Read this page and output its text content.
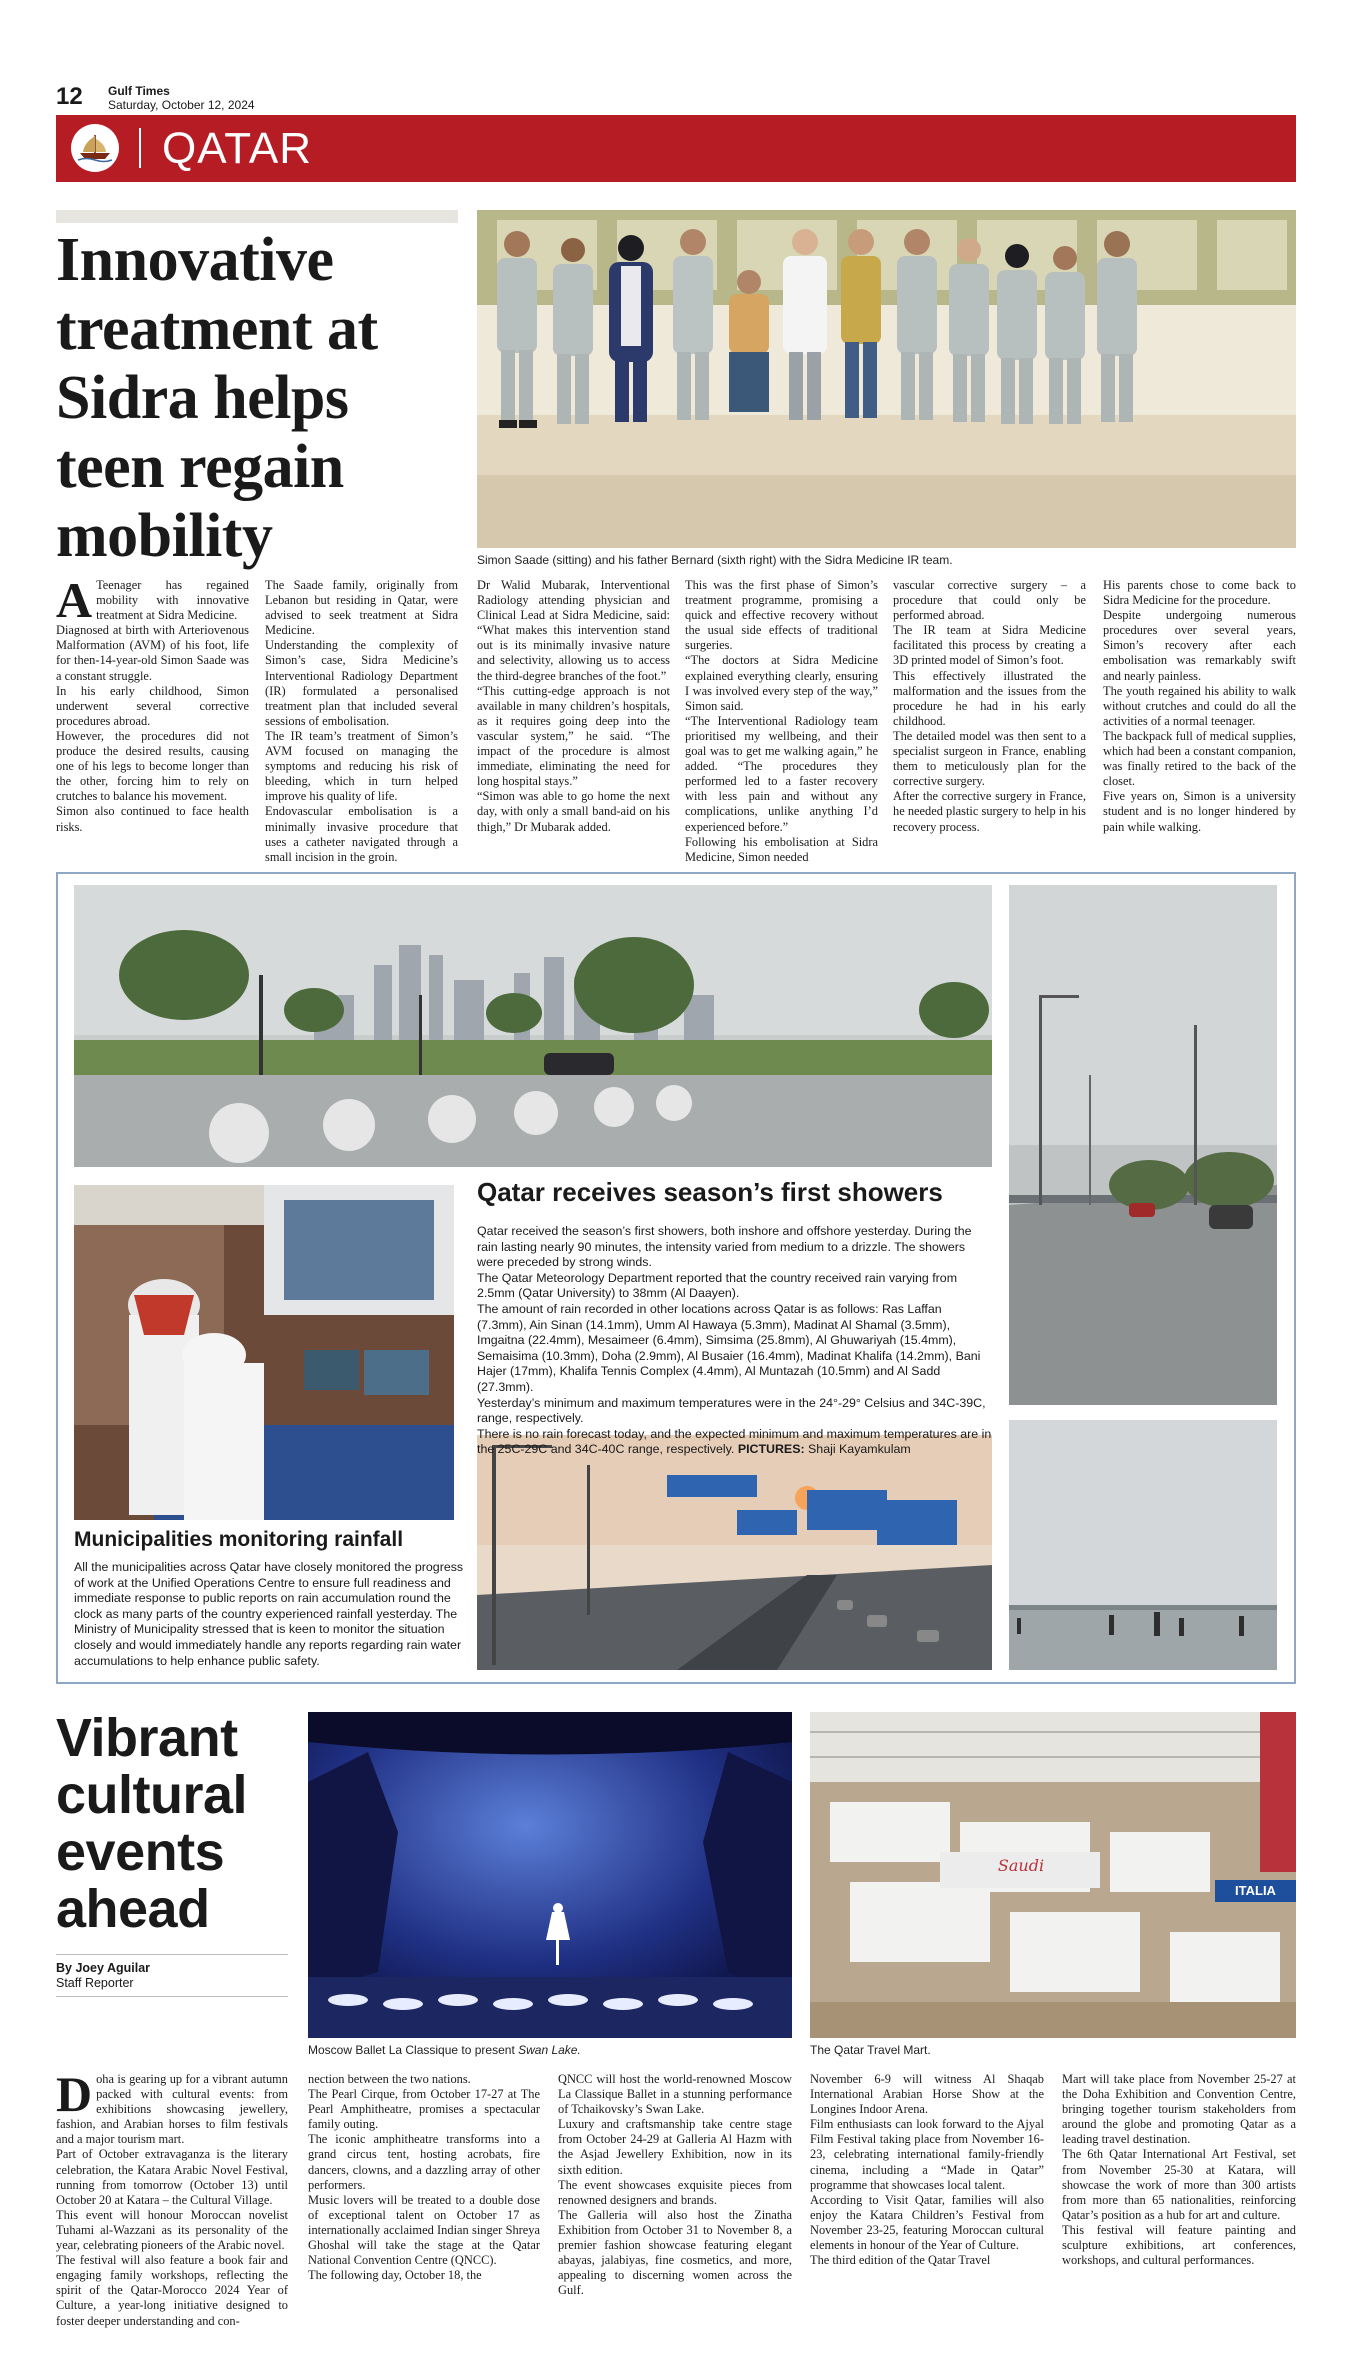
12 Gulf Times
Saturday, October 12, 2024
QATAR
Innovative treatment at Sidra helps teen regain mobility	Simon Saade (sitting) and his father Bernard (sixth right) with the Sidra Medicine IR team.

A Teenager has regained mobility with innovative treatment at Sidra Medicine.

Diagnosed at birth with Arteriovenous Malformation (AVM) of his foot, life for then-14-year-old Simon Saade was a constant struggle.

In his early childhood, Simon underwent several corrective procedures abroad.

However, the procedures did not produce the desired results, causing one of his legs to become longer than the other, forcing him to rely on crutches to balance his movement.

Simon also continued to face health risks.

The Saade family, originally from Lebanon but residing in Qatar, were advised to seek treatment at Sidra Medicine.

Understanding the complexity of Simon’s case, Sidra Medicine’s Interventional Radiology Department (IR) formulated a personalised treatment plan that included several sessions of embolisation.

The IR team’s treatment of Simon’s AVM focused on managing the symptoms and reducing his risk of bleeding, which in turn helped improve his quality of life.

Endovascular embolisation is a minimally invasive procedure that uses a catheter navigated through a small incision in the groin.

Dr Walid Mubarak, Interventional Radiology attending physician and Clinical Lead at Sidra Medicine, said: “What makes this intervention stand out is its minimally invasive nature and selectivity, allowing us to access the third-degree branches of the foot.”

“This cutting-edge approach is not available in many children’s hospitals, as it requires going deep into the vascular system,” he said. “The impact of the procedure is almost immediate, eliminating the need for long hospital stays.”

“Simon was able to go home the next day, with only a small band-aid on his thigh,” Dr Mubarak added.

This was the first phase of Simon’s treatment programme, promising a quick and effective recovery without the usual side effects of traditional surgeries.

“The doctors at Sidra Medicine explained everything clearly, ensuring I was involved every step of the way,” Simon said.

“The Interventional Radiology team prioritised my wellbeing, and their goal was to get me walking again,” he added. “The procedures they performed led to a faster recovery with less pain and without any complications, unlike anything I’d experienced before.”

Following his embolisation at Sidra Medicine, Simon needed

vascular corrective surgery – a procedure that could only be performed abroad.

The IR team at Sidra Medicine facilitated this process by creating a 3D printed model of Simon’s foot.

This effectively illustrated the malformation and the issues from the procedure he had in his early childhood.

The detailed model was then sent to a specialist surgeon in France, enabling them to meticulously plan for the corrective surgery.

After the corrective surgery in France, he needed plastic surgery to help in his recovery process.

His parents chose to come back to Sidra Medicine for the procedure.

Despite undergoing numerous procedures over several years, Simon’s recovery after each embolisation was remarkably swift and nearly painless.

The youth regained his ability to walk without crutches and could do all the activities of a normal teenager.

The backpack full of medical supplies, which had been a constant companion, was finally retired to the back of the closet.

Five years on, Simon is a university student and is no longer hindered by pain while walking.

Qatar receives season’s first showers

Qatar received the season’s first showers, both inshore and offshore yesterday. During the rain lasting nearly 90 minutes, the intensity varied from medium to a drizzle. The showers were preceded by strong winds.

The Qatar Meteorology Department reported that the country received rain varying from 2.5mm (Qatar University) to 38mm (Al Daayen).

The amount of rain recorded in other locations across Qatar is as follows: Ras Laffan (7.3mm), Ain Sinan (14.1mm), Umm Al Hawaya (5.3mm), Madinat Al Shamal (3.5mm), Imgaitna (22.4mm), Mesaimeer (6.4mm), Simsima (25.8mm), Al Ghuwariyah (15.4mm), Semaisima (10.3mm), Doha (2.9mm), Al Busaier (16.4mm), Madinat Khalifa (14.2mm), Bani Hajer (17mm), Khalifa Tennis Complex (4.4mm), Al Muntazah (10.5mm) and Al Sadd (27.3mm).

Yesterday’s minimum and maximum temperatures were in the 24°-29° Celsius and 34C-39C, range, respectively.

There is no rain forecast today, and the expected minimum and maximum temperatures are in the 25C-29C and 34C-40C range, respectively. PICTURES: Shaji Kayamkulam

Municipalities monitoring rainfall
All the municipalities across Qatar have closely monitored the progress of work at the Unified Operations Centre to ensure full readiness and immediate response to public reports on rain accumulation round the clock as many parts of the country experienced rainfall yesterday. The Ministry of Municipality stressed that is keen to monitor the situation closely and would immediately handle any reports regarding rain water accumulations to help enhance public safety.
Vibrant cultural events ahead
By Joey Aguilar
Staff Reporter
Moscow Ballet La Classique to present Swan Lake.
Saudi
ITALIA
The Qatar Travel Mart.

Doha is gearing up for a vibrant autumn packed with cultural events: from exhibitions showcasing jewellery, fashion, and Arabian horses to film festivals and a major tourism mart.

Part of October extravaganza is the literary celebration, the Katara Arabic Novel Festival, running from tomorrow (October 13) until October 20 at Katara – the Cultural Village.

This event will honour Moroccan novelist Tuhami al-Wazzani as its personality of the year, celebrating pioneers of the Arabic novel.

The festival will also feature a book fair and engaging family workshops, reflecting the spirit of the Qatar-Morocco 2024 Year of Culture, a year-long initiative designed to foster deeper understanding and con-

nection between the two nations.

The Pearl Cirque, from October 17-27 at The Pearl Amphitheatre, promises a spectacular family outing.

The iconic amphitheatre transforms into a grand circus tent, hosting acrobats, fire dancers, clowns, and a dazzling array of other performers.

Music lovers will be treated to a double dose of exceptional talent on October 17 as internationally acclaimed Indian singer Shreya Ghoshal will take the stage at the Qatar National Convention Centre (QNCC).

The following day, October 18, the

QNCC will host the world-renowned Moscow La Classique Ballet in a stunning performance of Tchaikovsky’s Swan Lake.

Luxury and craftsmanship take centre stage from October 24-29 at Galleria Al Hazm with the Asjad Jewellery Exhibition, now in its sixth edition.

The event showcases exquisite pieces from renowned designers and brands.

The Galleria will also host the Zinatha Exhibition from October 31 to November 8, a premier fashion showcase featuring elegant abayas, jalabiyas, fine cosmetics, and more, appealing to discerning women across the Gulf.

November 6-9 will witness Al Shaqab International Arabian Horse Show at the Longines Indoor Arena.

Film enthusiasts can look forward to the Ajyal Film Festival taking place from November 16-23, celebrating international family-friendly cinema, including a “Made in Qatar” programme that showcases local talent.

According to Visit Qatar, families will also enjoy the Katara Children’s Festival from November 23-25, featuring Moroccan cultural elements in honour of the Year of Culture.

The third edition of the Qatar Travel

Mart will take place from November 25-27 at the Doha Exhibition and Convention Centre, bringing together tourism stakeholders from around the globe and promoting Qatar as a leading travel destination.

The 6th Qatar International Art Festival, set from November 25-30 at Katara, will showcase the work of more than 300 artists from more than 65 nationalities, reinforcing Qatar’s position as a hub for art and culture.

This festival will feature painting and sculpture exhibitions, art conferences, workshops, and cultural performances.
